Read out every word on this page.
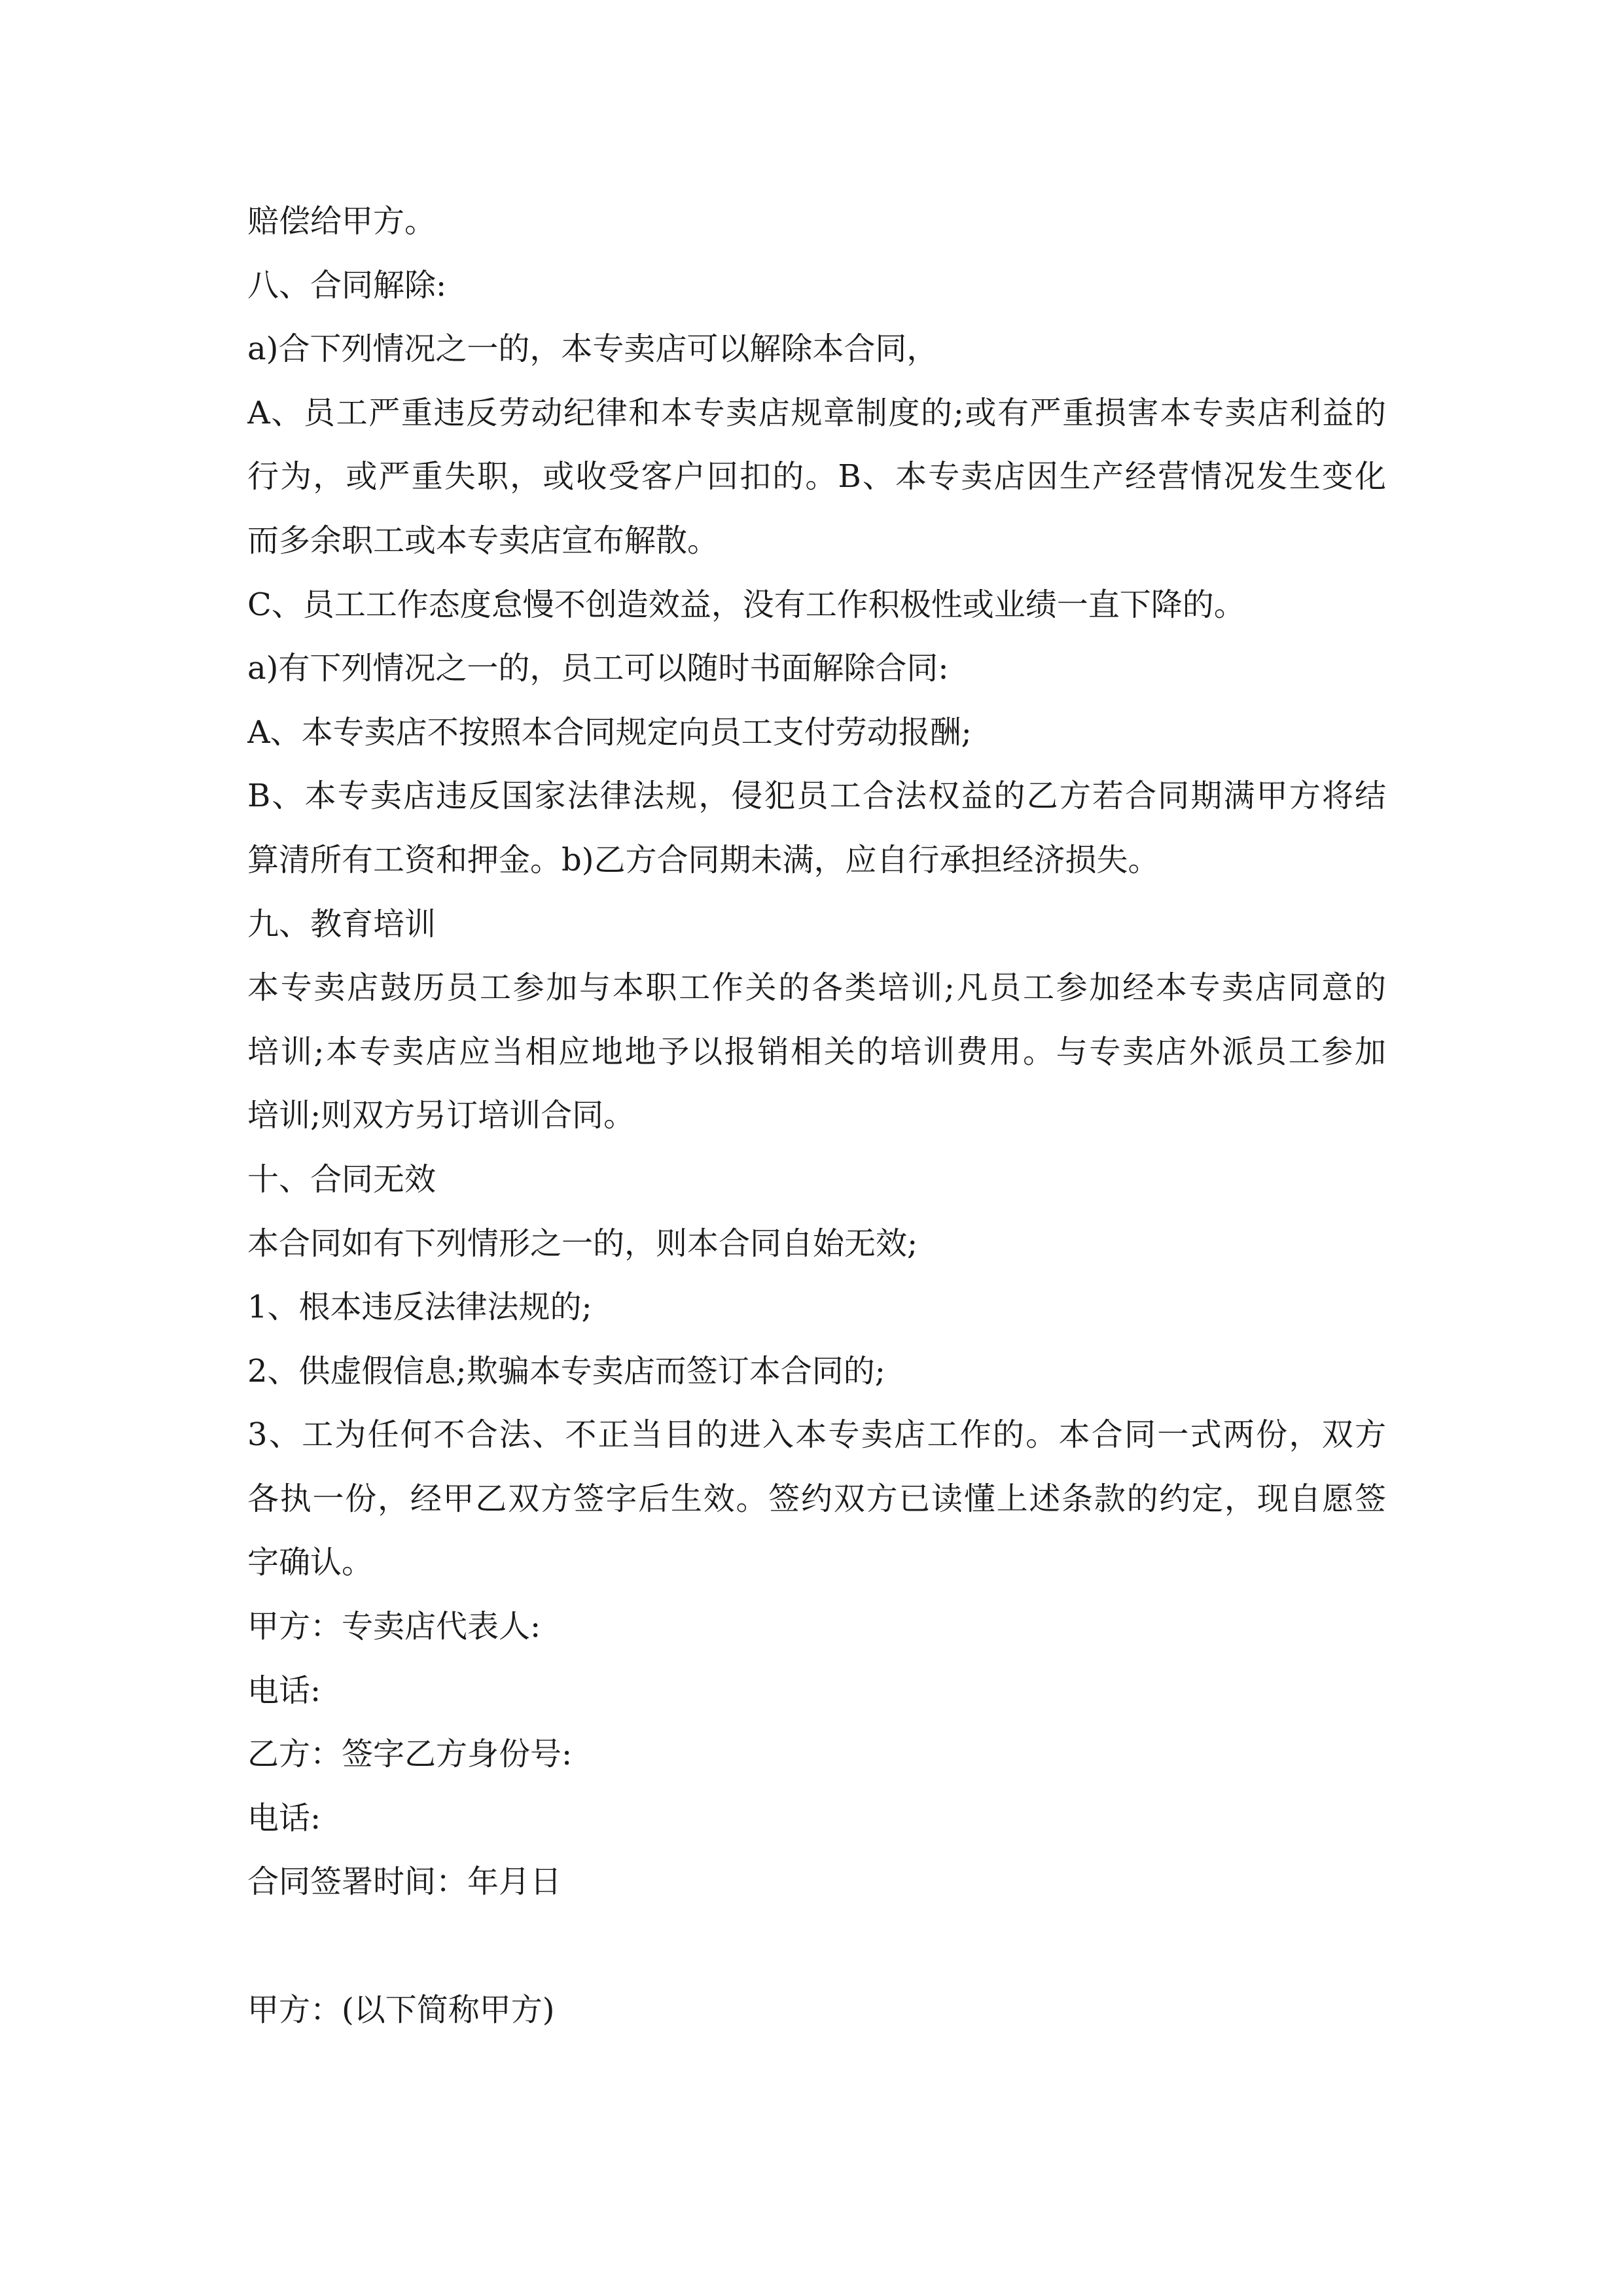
赔偿给甲方。
八、合同解除:
a)合下列情况之一的，本专卖店可以解除本合同，
A、员工严重违反劳动纪律和本专卖店规章制度的;或有严重损害本专卖店利益的
行为，或严重失职，或收受客户回扣的。B、本专卖店因生产经营情况发生变化
而多余职工或本专卖店宣布解散。
C、员工工作态度怠慢不创造效益，没有工作积极性或业绩一直下降的。
a)有下列情况之一的，员工可以随时书面解除合同:
A、本专卖店不按照本合同规定向员工支付劳动报酬;
B、本专卖店违反国家法律法规，侵犯员工合法权益的乙方若合同期满甲方将结
算清所有工资和押金。b)乙方合同期未满，应自行承担经济损失。
九、教育培训
本专卖店鼓历员工参加与本职工作关的各类培训;凡员工参加经本专卖店同意的
培训;本专卖店应当相应地地予以报销相关的培训费用。与专卖店外派员工参加
培训;则双方另订培训合同。
十、合同无效
本合同如有下列情形之一的，则本合同自始无效;
1、根本违反法律法规的;
2、供虚假信息;欺骗本专卖店而签订本合同的;
3、工为任何不合法、不正当目的进入本专卖店工作的。本合同一式两份，双方
各执一份，经甲乙双方签字后生效。签约双方已读懂上述条款的约定，现自愿签
字确认。
甲方：专卖店代表人:
电话:
乙方：签字乙方身份号:
电话:
合同签署时间：年月日
甲方：(以下简称甲方)
